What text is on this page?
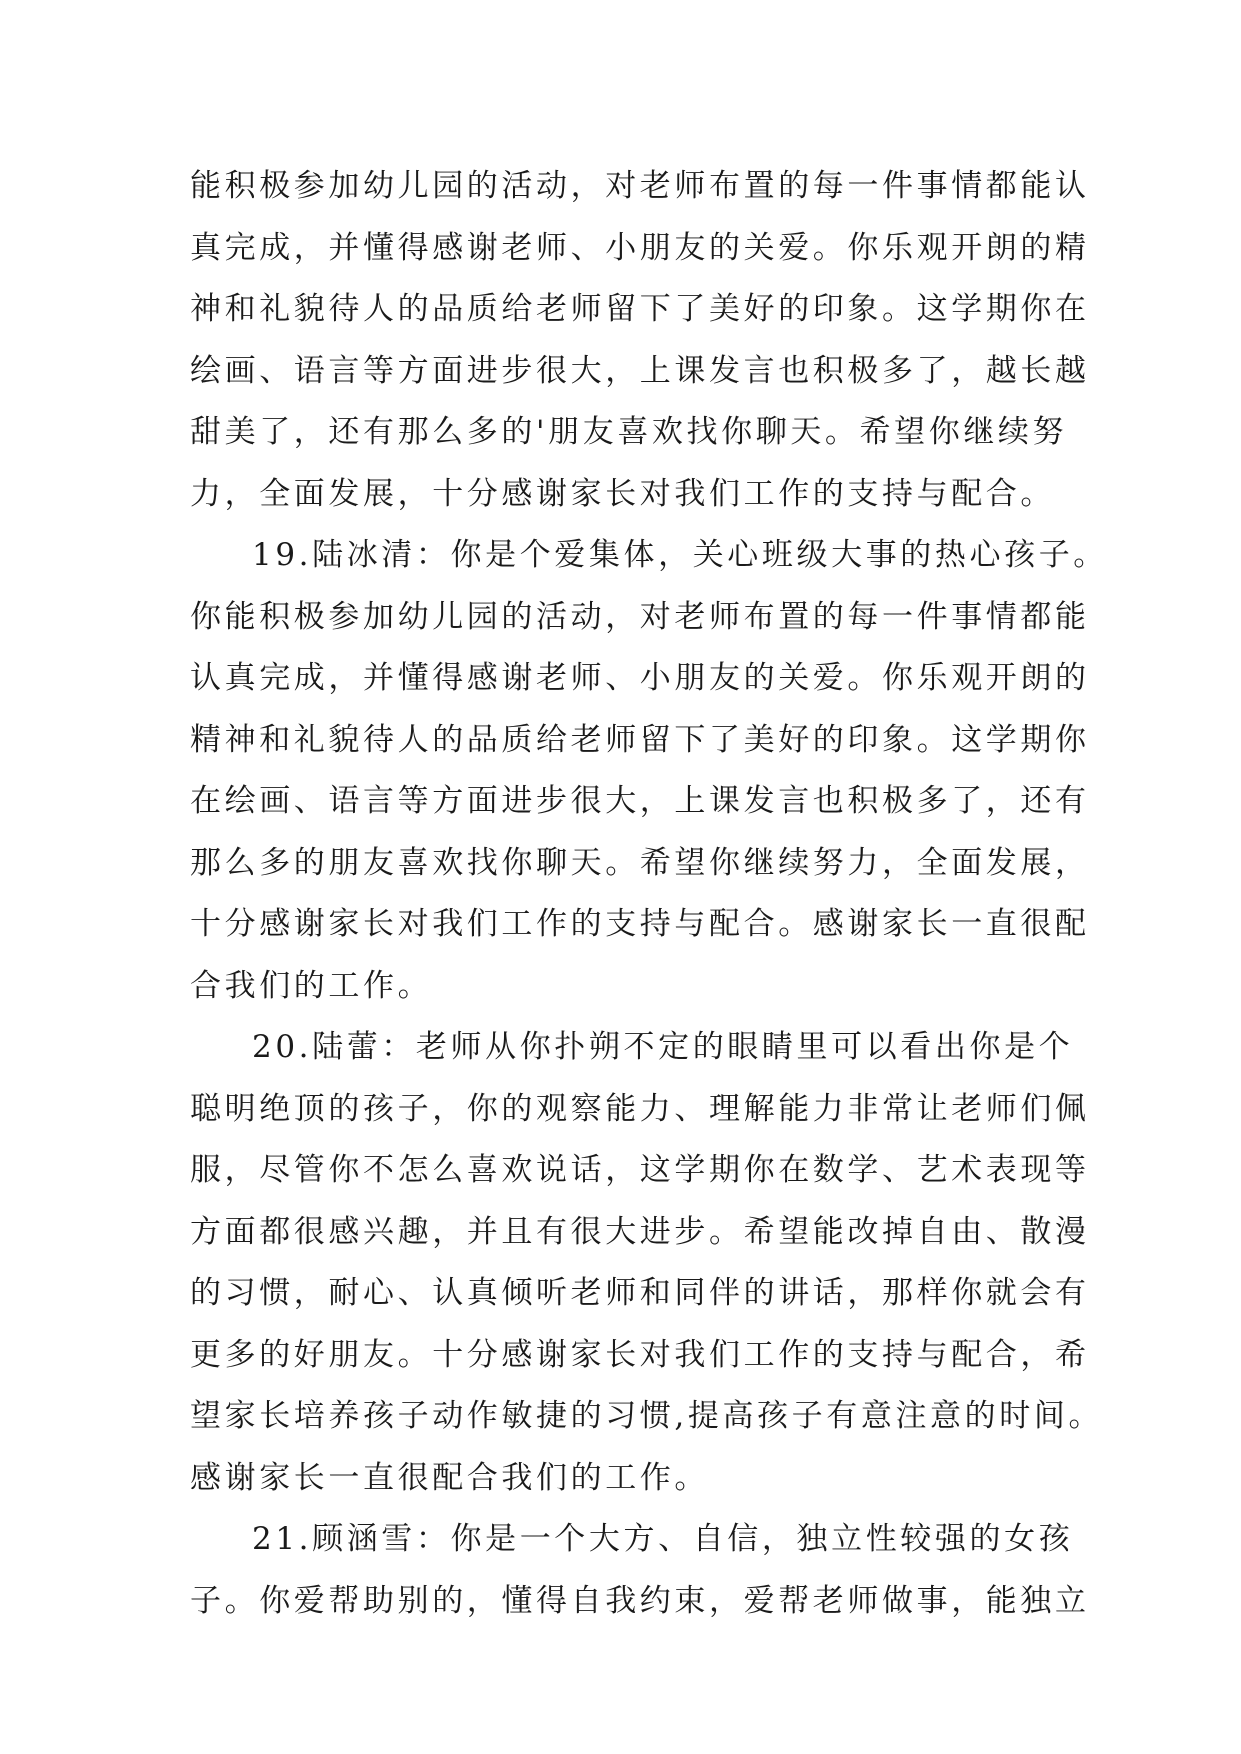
能积极参加幼儿园的活动，对老师布置的每一件事情都能认
真完成，并懂得感谢老师、小朋友的关爱。你乐观开朗的精
神和礼貌待人的品质给老师留下了美好的印象。这学期你在
绘画、语言等方面进步很大，上课发言也积极多了，越长越
甜美了，还有那么多的'朋友喜欢找你聊天。希望你继续努
力，全面发展，十分感谢家长对我们工作的支持与配合。
19.陆冰清：你是个爱集体，关心班级大事的热心孩子。
你能积极参加幼儿园的活动，对老师布置的每一件事情都能
认真完成，并懂得感谢老师、小朋友的关爱。你乐观开朗的
精神和礼貌待人的品质给老师留下了美好的印象。这学期你
在绘画、语言等方面进步很大，上课发言也积极多了，还有
那么多的朋友喜欢找你聊天。希望你继续努力，全面发展，
十分感谢家长对我们工作的支持与配合。感谢家长一直很配
合我们的工作。
20.陆蕾：老师从你扑朔不定的眼睛里可以看出你是个
聪明绝顶的孩子，你的观察能力、理解能力非常让老师们佩
服，尽管你不怎么喜欢说话，这学期你在数学、艺术表现等
方面都很感兴趣，并且有很大进步。希望能改掉自由、散漫
的习惯，耐心、认真倾听老师和同伴的讲话，那样你就会有
更多的好朋友。十分感谢家长对我们工作的支持与配合，希
望家长培养孩子动作敏捷的习惯,提高孩子有意注意的时间。
感谢家长一直很配合我们的工作。
21.顾涵雪：你是一个大方、自信，独立性较强的女孩
子。你爱帮助别的，懂得自我约束，爱帮老师做事，能独立
